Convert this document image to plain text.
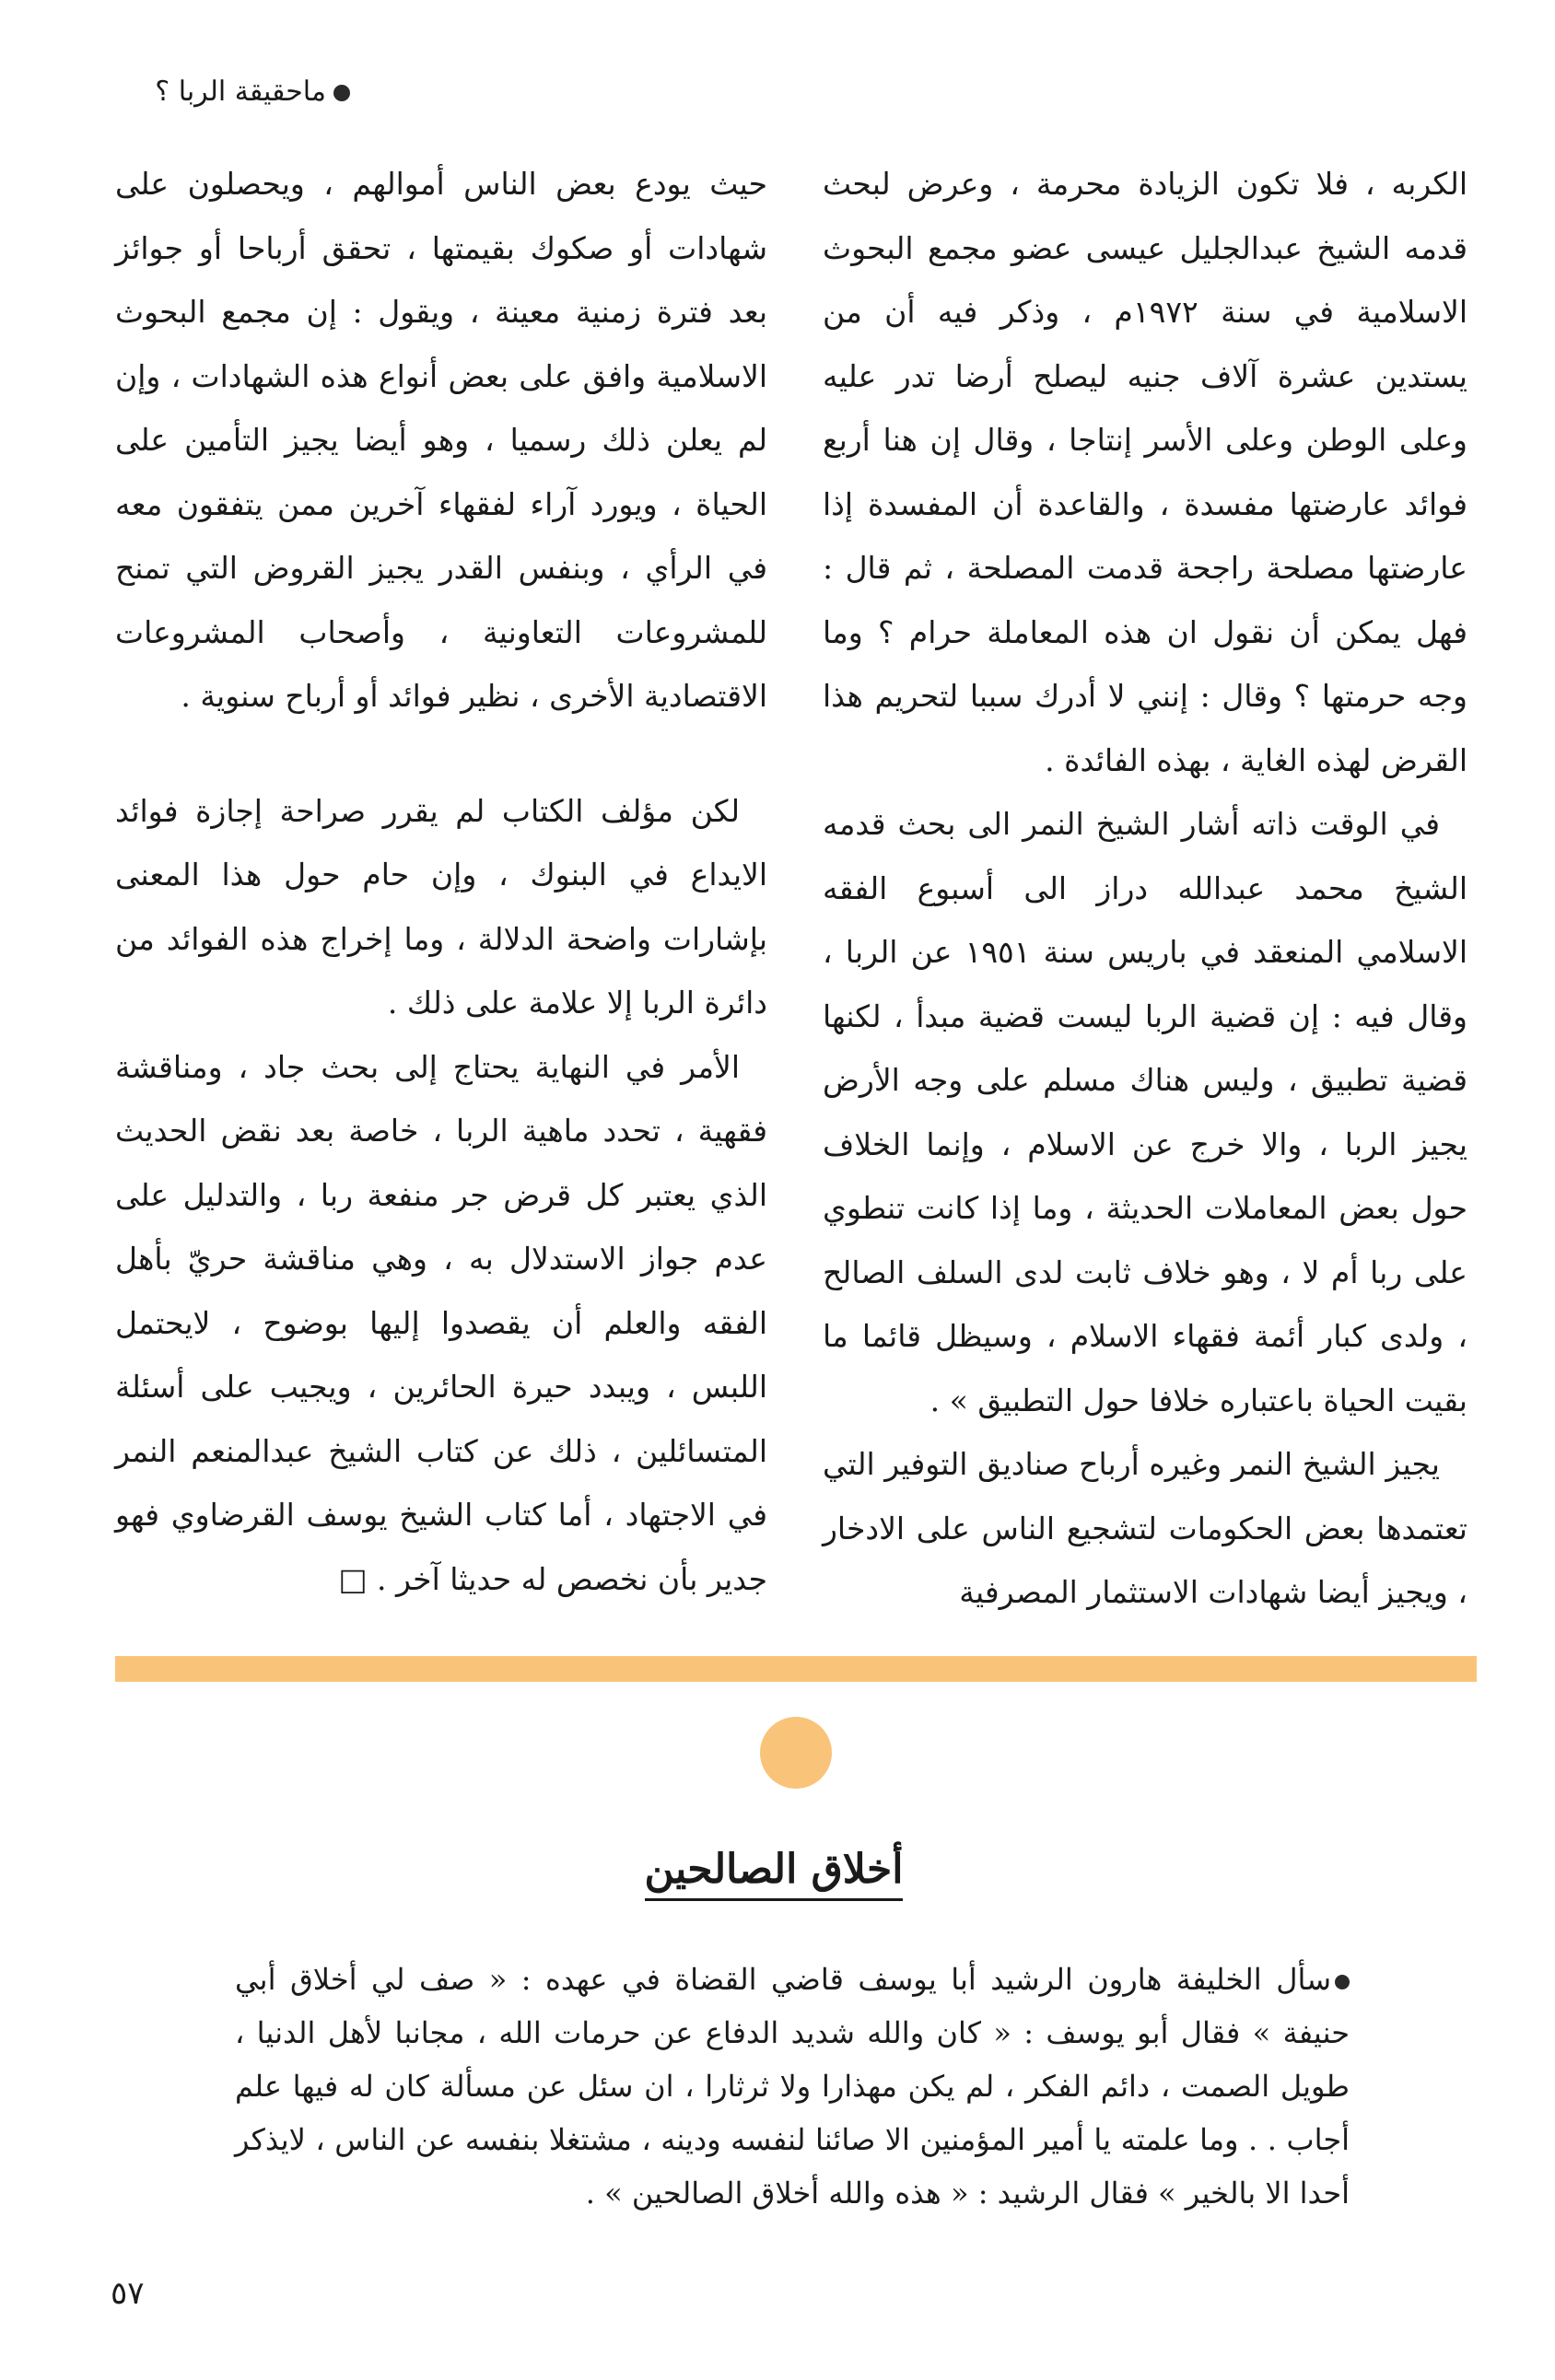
ماحقيقة الربا ؟

الكربه ، فلا تكون الزيادة محرمة ، وعرض لبحث قدمه الشيخ عبدالجليل عيسى عضو مجمع البحوث الاسلامية في سنة ١٩٧٢م ، وذكر فيه أن من يستدين عشرة آلاف جنيه ليصلح أرضا تدر عليه وعلى الوطن وعلى الأسر إنتاجا ، وقال إن هنا أربع فوائد عارضتها مفسدة ، والقاعدة أن المفسدة إذا عارضتها مصلحة راجحة قدمت المصلحة ، ثم قال : فهل يمكن أن نقول ان هذه المعاملة حرام ؟ وما وجه حرمتها ؟ وقال : إنني لا أدرك سببا لتحريم هذا القرض لهذه الغاية ، بهذه الفائدة .

في الوقت ذاته أشار الشيخ النمر الى بحث قدمه الشيخ محمد عبدالله دراز الى أسبوع الفقه الاسلامي المنعقد في باريس سنة ١٩٥١ عن الربا ، وقال فيه : إن قضية الربا ليست قضية مبدأ ، لكنها قضية تطبيق ، وليس هناك مسلم على وجه الأرض يجيز الربا ، والا خرج عن الاسلام ، وإنما الخلاف حول بعض المعاملات الحديثة ، وما إذا كانت تنطوي على ربا أم لا ، وهو خلاف ثابت لدى السلف الصالح ، ولدى كبار أئمة فقهاء الاسلام ، وسيظل قائما ما بقيت الحياة باعتباره خلافا حول التطبيق » .

يجيز الشيخ النمر وغيره أرباح صناديق التوفير التي تعتمدها بعض الحكومات لتشجيع الناس على الادخار ، ويجيز أيضا شهادات الاستثمار المصرفية

حيث يودع بعض الناس أموالهم ، ويحصلون على شهادات أو صكوك بقيمتها ، تحقق أرباحا أو جوائز بعد فترة زمنية معينة ، ويقول : إن مجمع البحوث الاسلامية وافق على بعض أنواع هذه الشهادات ، وإن لم يعلن ذلك رسميا ، وهو أيضا يجيز التأمين على الحياة ، ويورد آراء لفقهاء آخرين ممن يتفقون معه في الرأي ، وبنفس القدر يجيز القروض التي تمنح للمشروعات التعاونية ، وأصحاب المشروعات الاقتصادية الأخرى ، نظير فوائد أو أرباح سنوية .

لكن مؤلف الكتاب لم يقرر صراحة إجازة فوائد الايداع في البنوك ، وإن حام حول هذا المعنى بإشارات واضحة الدلالة ، وما إخراج هذه الفوائد من دائرة الربا إلا علامة على ذلك .

الأمر في النهاية يحتاج إلى بحث جاد ، ومناقشة فقهية ، تحدد ماهية الربا ، خاصة بعد نقض الحديث الذي يعتبر كل قرض جر منفعة ربا ، والتدليل على عدم جواز الاستدلال به ، وهي مناقشة حريّ بأهل الفقه والعلم أن يقصدوا إليها بوضوح ، لايحتمل اللبس ، ويبدد حيرة الحائرين ، ويجيب على أسئلة المتسائلين ، ذلك عن كتاب الشيخ عبدالمنعم النمر في الاجتهاد ، أما كتاب الشيخ يوسف القرضاوي فهو جدير بأن نخصص له حديثا آخر . □

أخلاق الصالحين
سأل الخليفة هارون الرشيد أبا يوسف قاضي القضاة في عهده : « صف لي أخلاق أبي حنيفة » فقال أبو يوسف : « كان والله شديد الدفاع عن حرمات الله ، مجانبا لأهل الدنيا ، طويل الصمت ، دائم الفكر ، لم يكن مهذارا ولا ثرثارا ، ان سئل عن مسألة كان له فيها علم أجاب . . وما علمته يا أمير المؤمنين الا صائنا لنفسه ودينه ، مشتغلا بنفسه عن الناس ، لايذكر أحدا الا بالخير » فقال الرشيد : « هذه والله أخلاق الصالحين » .
٥٧
